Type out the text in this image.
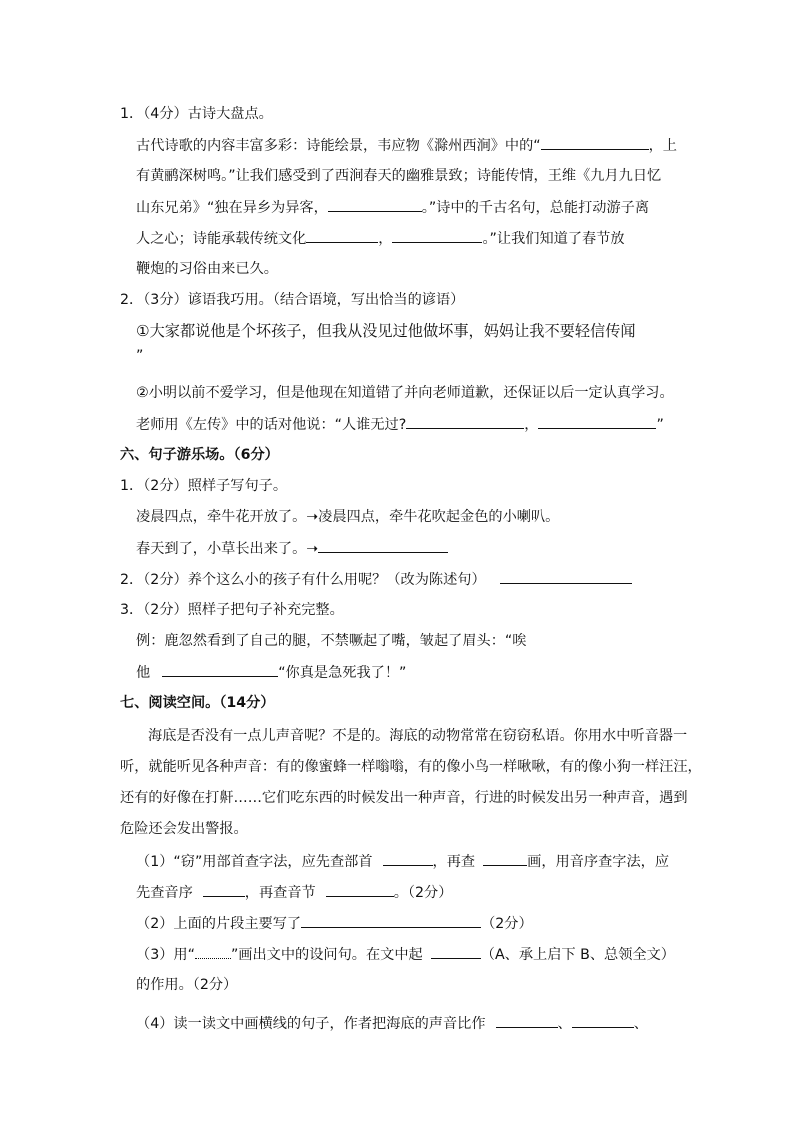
1．（4分）古诗大盘点。
古代诗歌的内容丰富多彩：诗能绘景，韦应物《滁州西涧》中的“	，上
有黄鹂深树鸣。”让我们感受到了西涧春天的幽雅景致；诗能传情，王维《九月九日忆
山东兄弟》“独在异乡为异客，	。”诗中的千古名句，总能打动游子离
人之心；诗能承载传统文化	，	。”让我们知道了春节放
鞭炮的习俗由来已久。
2．（3分）谚语我巧用。（结合语境，写出恰当的谚语）
①大家都说他是个坏孩子，但我从没见过他做坏事，妈妈让我不要轻信传闻
”
②小明以前不爱学习，但是他现在知道错了并向老师道歉，还保证以后一定认真学习。
老师用《左传》中的话对他说：“人谁无过?	，	”
六、句子游乐场。（6分）
1．（2分）照样子写句子。
凌晨四点，牵牛花开放了。➝凌晨四点，牵牛花吹起金色的小喇叭。
春天到了，小草长出来了。➝
2．（2分）养个这么小的孩子有什么用呢？（改为陈述句）
3．（2分）照样子把句子补充完整。
例：鹿忽然看到了自己的腿，不禁噘起了嘴，皱起了眉头：“唉
他	“你真是急死我了！”
七、阅读空间。（14分）
海底是否没有一点儿声音呢？不是的。海底的动物常常在窃窃私语。你用水中听音器一
听，就能听见各种声音：有的像蜜蜂一样嗡嗡，有的像小鸟一样啾啾，有的像小狗一样汪汪，
还有的好像在打鼾……它们吃东西的时候发出一种声音，行进的时候发出另一种声音，遇到
危险还会发出警报。
（1）“窃”用部首查字法，应先查部首	，再查	画，用音序查字法，应
先查音序	，再查音节	。（2分）
（2）上面的片段主要写了	（2分）
（3）用“	”画出文中的设问句。在文中起	（A、承上启下 B、总领全文）
的作用。（2分）
（4）读一读文中画横线的句子，作者把海底的声音比作	、	、
